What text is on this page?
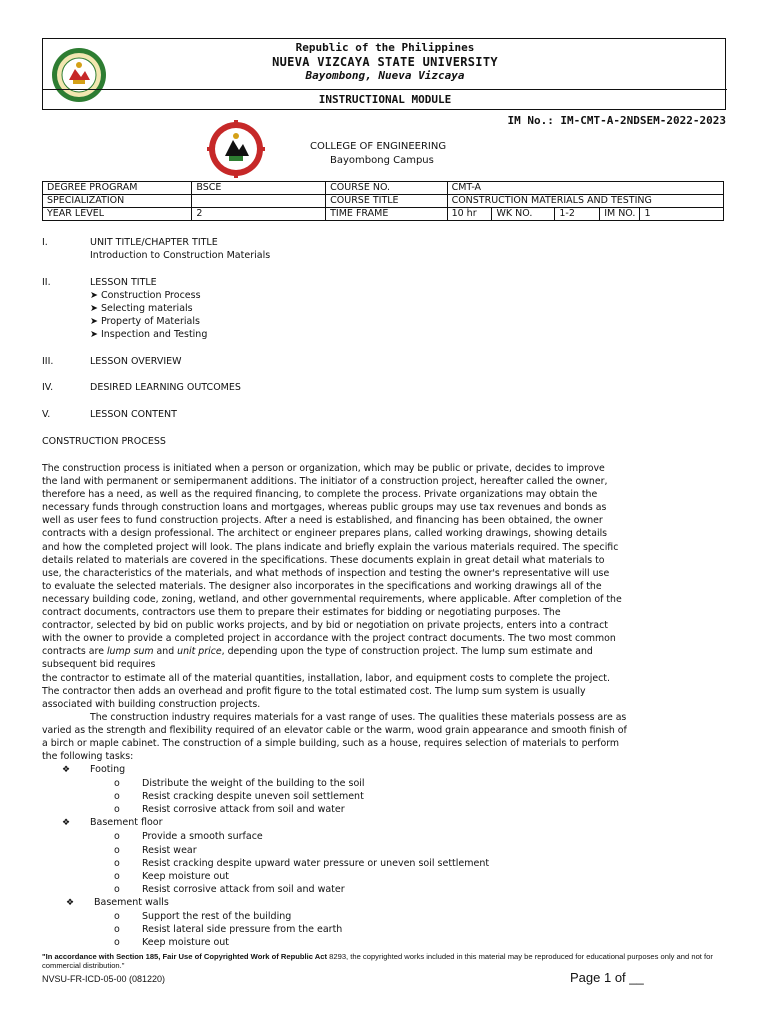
Republic of the Philippines
NUEVA VIZCAYA STATE UNIVERSITY
Bayombong, Nueva Vizcaya
INSTRUCTIONAL MODULE
IM No.: IM-CMT-A-2NDSEM-2022-2023
COLLEGE OF ENGINEERING
Bayombong Campus
DEGREE PROGRAM	BSCE	COURSE NO.	CMT-A				
SPECIALIZATION		COURSE TITLE	CONSTRUCTION MATERIALS AND TESTING				
YEAR LEVEL	2	TIME FRAME	10 hr	WK NO.	1-2	IM NO.	1
I.	UNIT TITLE/CHAPTER TITLE
Introduction to Construction Materials
II.	LESSON TITLE
➤ Construction Process
➤ Selecting materials
➤ Property of Materials
➤ Inspection and Testing
III.	LESSON OVERVIEW
IV.	DESIRED LEARNING OUTCOMES
V.	LESSON CONTENT
CONSTRUCTION PROCESS
The construction process is initiated when a person or organization, which may be public or private, decides to improve
the land with permanent or semipermanent additions. The initiator of a construction project, hereafter called the owner,
therefore has a need, as well as the required financing, to complete the process. Private organizations may obtain the
necessary funds through construction loans and mortgages, whereas public groups may use tax revenues and bonds as
well as user fees to fund construction projects. After a need is established, and financing has been obtained, the owner
contracts with a design professional. The architect or engineer prepares plans, called working drawings, showing details
and how the completed project will look. The plans indicate and briefly explain the various materials required. The specific
details related to materials are covered in the specifications. These documents explain in great detail what materials to
use, the characteristics of the materials, and what methods of inspection and testing the owner's representative will use
to evaluate the selected materials. The designer also incorporates in the specifications and working drawings all of the
necessary building code, zoning, wetland, and other governmental requirements, where applicable. After completion of the
contract documents, contractors use them to prepare their estimates for bidding or negotiating purposes. The
contractor, selected by bid on public works projects, and by bid or negotiation on private projects, enters into a contract
with the owner to provide a completed project in accordance with the project contract documents. The two most common
contracts are lump sum and unit price, depending upon the type of construction project. The lump sum estimate and
subsequent bid requires
the contractor to estimate all of the material quantities, installation, labor, and equipment costs to complete the project.
The contractor then adds an overhead and profit figure to the total estimated cost. The lump sum system is usually
associated with building construction projects.
The construction industry requires materials for a vast range of uses. The qualities these materials possess are as
varied as the strength and flexibility required of an elevator cable or the warm, wood grain appearance and smooth finish of
a birch or maple cabinet. The construction of a simple building, such as a house, requires selection of materials to perform
the following tasks:
❖ Footing
o Distribute the weight of the building to the soil
o Resist cracking despite uneven soil settlement
o Resist corrosive attack from soil and water
❖ Basement floor
o Provide a smooth surface
o Resist wear
o Resist cracking despite upward water pressure or uneven soil settlement
o Keep moisture out
o Resist corrosive attack from soil and water
❖ Basement walls
o Support the rest of the building
o Resist lateral side pressure from the earth
o Keep moisture out
"In accordance with Section 185, Fair Use of Copyrighted Work of Republic Act 8293, the copyrighted works included in this material may be reproduced for educational purposes only and not for commercial distribution."
NVSU-FR-ICD-05-00 (081220)	Page 1 of __
